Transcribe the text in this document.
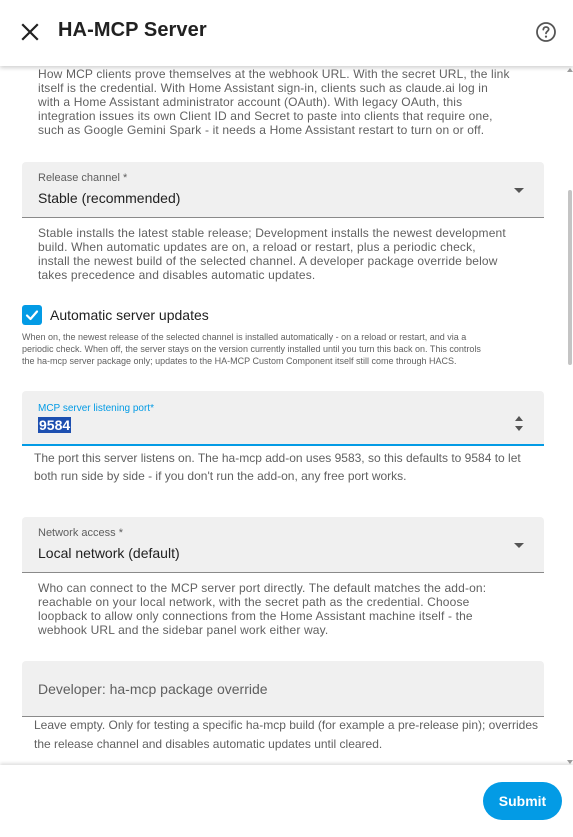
How MCP clients prove themselves at the webhook URL. With the secret URL, the link
itself is the credential. With Home Assistant sign-in, clients such as claude.ai log in
with a Home Assistant administrator account (OAuth). With legacy OAuth, this
integration issues its own Client ID and Secret to paste into clients that require one,
such as Google Gemini Spark - it needs a Home Assistant restart to turn on or off.
Release channel *
Stable (recommended)
Stable installs the latest stable release; Development installs the newest development
build. When automatic updates are on, a reload or restart, plus a periodic check,
install the newest build of the selected channel. A developer package override below
takes precedence and disables automatic updates.
When on, the newest release of the selected channel is installed automatically - on a reload or restart, and via a
periodic check. When off, the server stays on the version currently installed until you turn this back on. This controls
the ha-mcp server package only; updates to the HA-MCP Custom Component itself still come through HACS.
MCP server listening port*
9584
The port this server listens on. The ha-mcp add-on uses 9583, so this defaults to 9584 to let
both run side by side - if you don't run the add-on, any free port works.
Network access *
Local network (default)
Who can connect to the MCP server port directly. The default matches the add-on:
reachable on your local network, with the secret path as the credential. Choose
loopback to allow only connections from the Home Assistant machine itself - the
webhook URL and the sidebar panel work either way.
Developer: ha-mcp package override
Leave empty. Only for testing a specific ha-mcp build (for example a pre-release pin); overrides
the release channel and disables automatic updates until cleared.
Automatic server updates
HA-MCP Server
Submit
